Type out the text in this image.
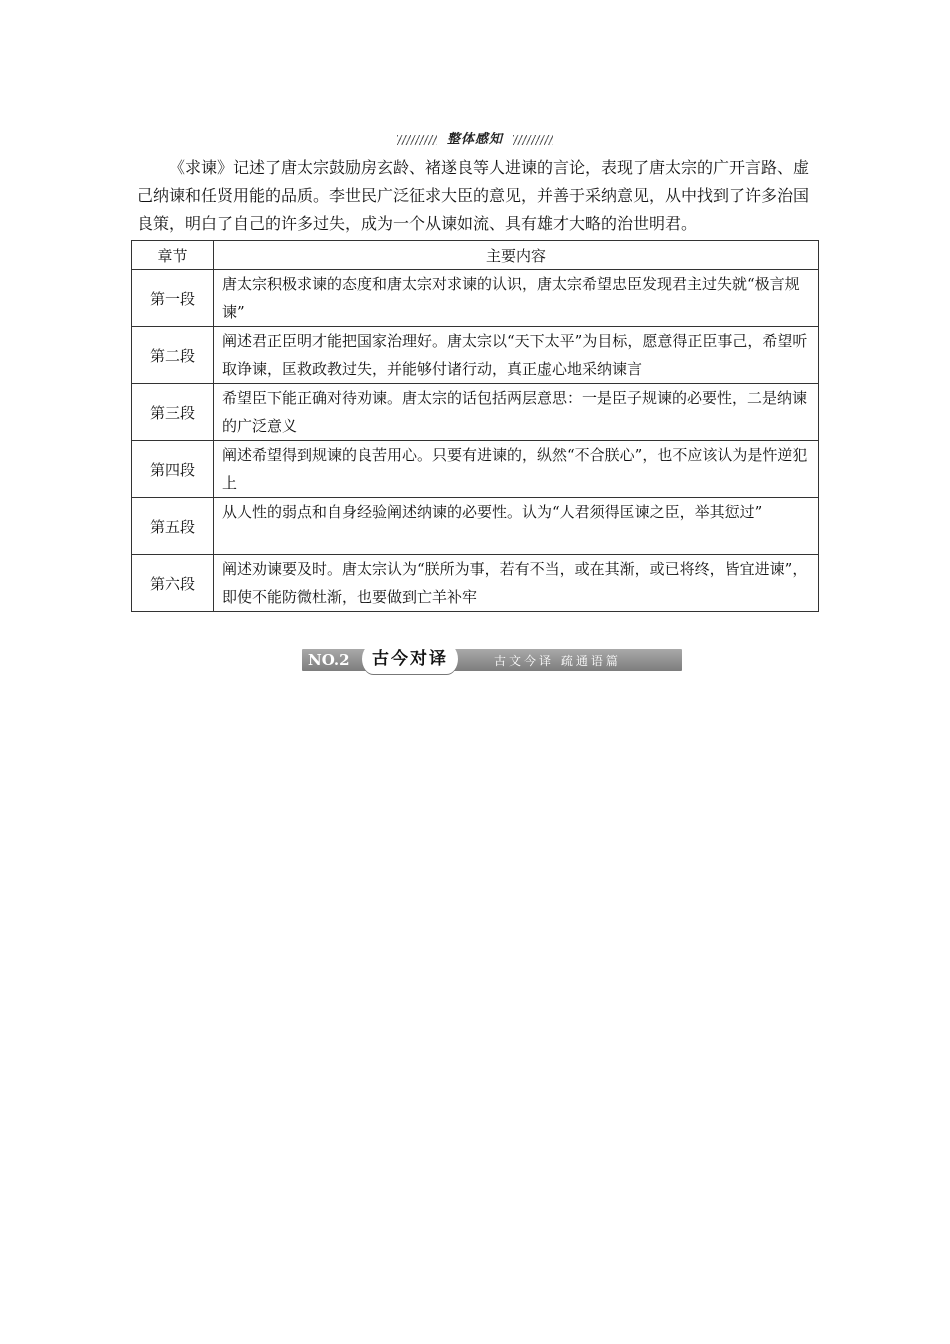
整体感知

《求谏》记述了唐太宗鼓励房玄龄、褚遂良等人进谏的言论，表现了唐太宗的广开言路、虚己纳谏和任贤用能的品质。李世民广泛征求大臣的意见，并善于采纳意见，从中找到了许多治国良策，明白了自己的许多过失，成为一个从谏如流、具有雄才大略的治世明君。

章节	主要内容
第一段	唐太宗积极求谏的态度和唐太宗对求谏的认识，唐太宗希望忠臣发现君主过失就“极言规谏”
第二段	阐述君正臣明才能把国家治理好。唐太宗以“天下太平”为目标，愿意得正臣事己，希望听取诤谏，匡救政教过失，并能够付诸行动，真正虚心地采纳谏言
第三段	希望臣下能正确对待劝谏。唐太宗的话包括两层意思：一是臣子规谏的必要性，二是纳谏的广泛意义
第四段	阐述希望得到规谏的良苦用心。只要有进谏的，纵然“不合朕心”，也不应该认为是忤逆犯上
第五段	从人性的弱点和自身经验阐述纳谏的必要性。认为“人君须得匡谏之臣，举其愆过”
第六段	阐述劝谏要及时。唐太宗认为“朕所为事，若有不当，或在其渐，或已将终，皆宜进谏”，即使不能防微杜渐，也要做到亡羊补牢
NO.2	古今对译	古文今译 疏通语篇
